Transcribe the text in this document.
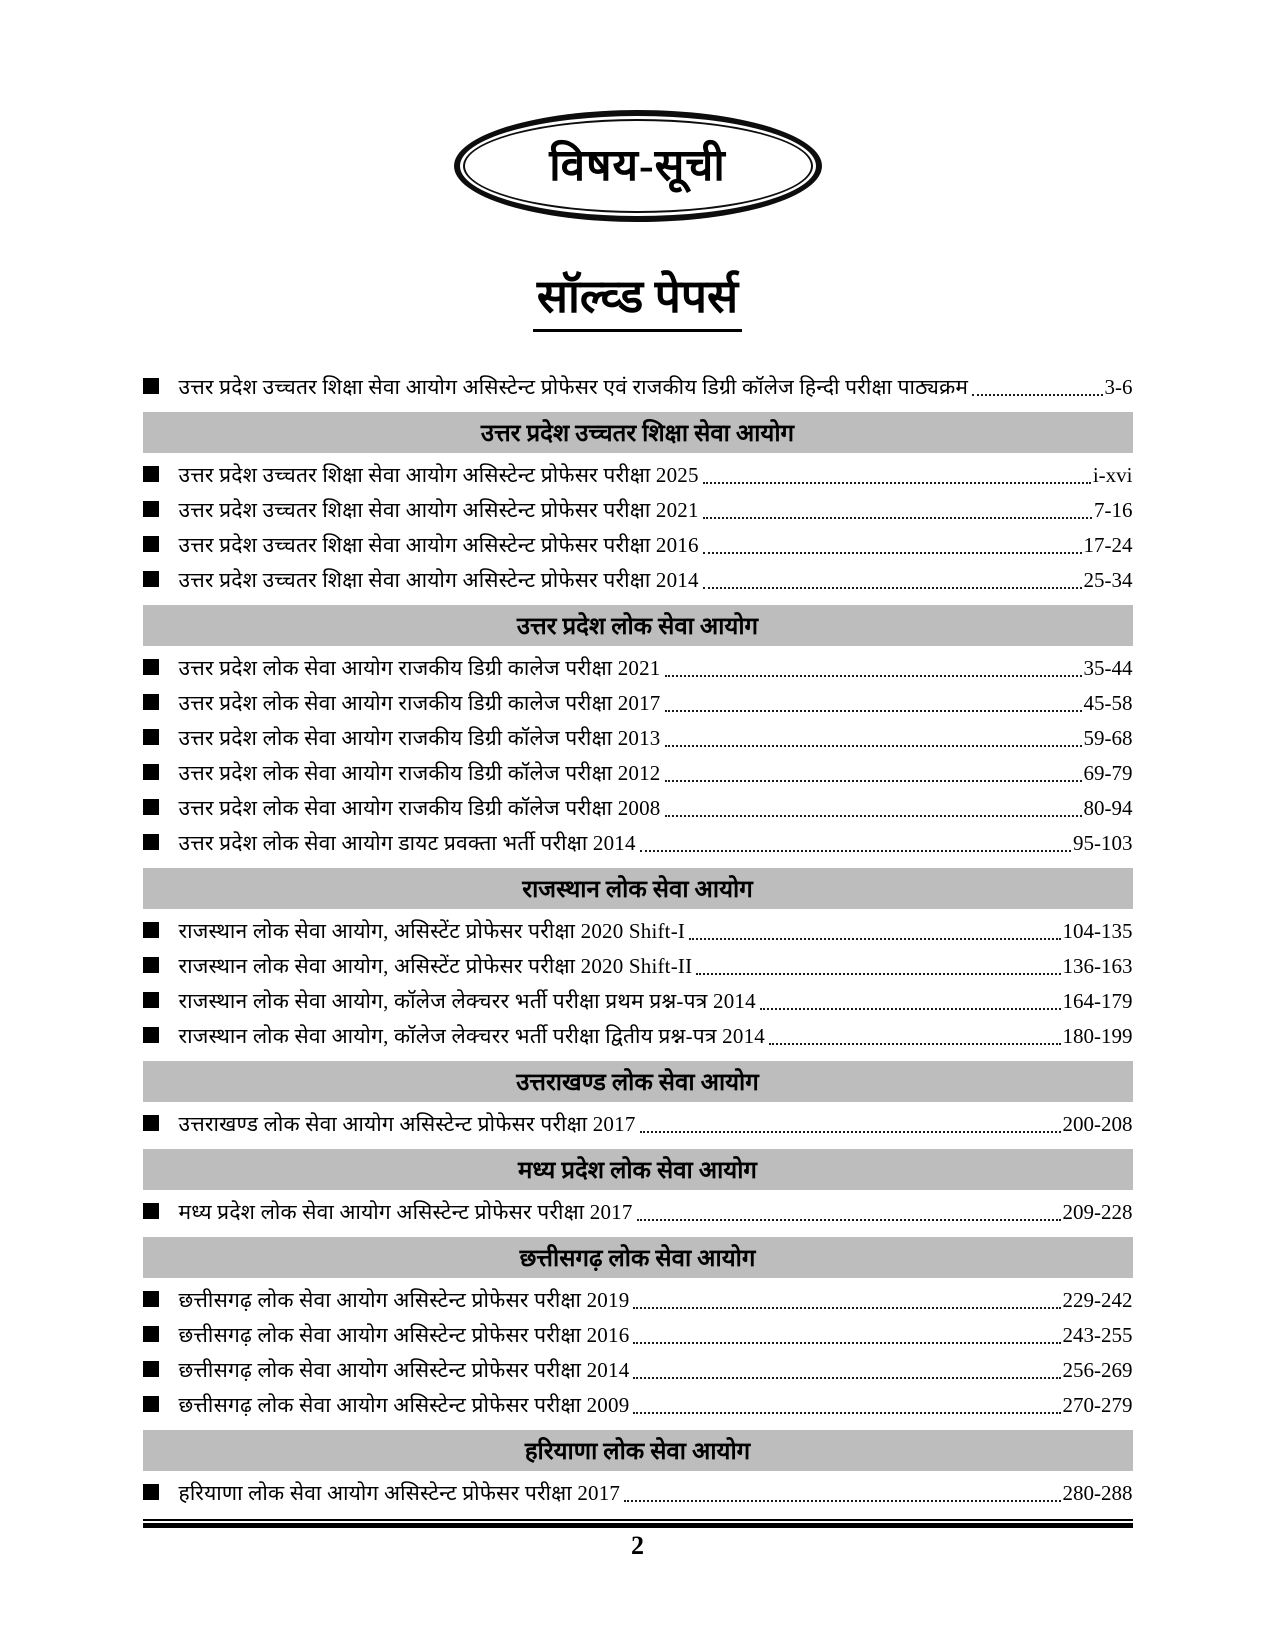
विषय-सूची
सॉल्व्ड पेपर्स
उत्तर प्रदेश उच्चतर शिक्षा सेवा आयोग असिस्टेन्ट प्रोफेसर एवं राजकीय डिग्री कॉलेज हिन्दी परीक्षा पाठ्यक्रम	3-6
उत्तर प्रदेश उच्चतर शिक्षा सेवा आयोग
उत्तर प्रदेश उच्चतर शिक्षा सेवा आयोग असिस्टेन्ट प्रोफेसर परीक्षा 2025	i-xvi
उत्तर प्रदेश उच्चतर शिक्षा सेवा आयोग असिस्टेन्ट प्रोफेसर परीक्षा 2021	7-16
उत्तर प्रदेश उच्चतर शिक्षा सेवा आयोग असिस्टेन्ट प्रोफेसर परीक्षा 2016	17-24
उत्तर प्रदेश उच्चतर शिक्षा सेवा आयोग असिस्टेन्ट प्रोफेसर परीक्षा 2014	25-34
उत्तर प्रदेश लोक सेवा आयोग
उत्तर प्रदेश लोक सेवा आयोग राजकीय डिग्री कालेज परीक्षा 2021	35-44
उत्तर प्रदेश लोक सेवा आयोग राजकीय डिग्री कालेज परीक्षा 2017	45-58
उत्तर प्रदेश लोक सेवा आयोग राजकीय डिग्री कॉलेज परीक्षा 2013	59-68
उत्तर प्रदेश लोक सेवा आयोग राजकीय डिग्री कॉलेज परीक्षा 2012	69-79
उत्तर प्रदेश लोक सेवा आयोग राजकीय डिग्री कॉलेज परीक्षा 2008	80-94
उत्तर प्रदेश लोक सेवा आयोग डायट प्रवक्ता भर्ती परीक्षा 2014	95-103
राजस्थान लोक सेवा आयोग
राजस्थान लोक सेवा आयोग, असिस्टेंट प्रोफेसर परीक्षा 2020 Shift-I	104-135
राजस्थान लोक सेवा आयोग, असिस्टेंट प्रोफेसर परीक्षा 2020 Shift-II	136-163
राजस्थान लोक सेवा आयोग, कॉलेज लेक्चरर भर्ती परीक्षा प्रथम प्रश्न-पत्र 2014	164-179
राजस्थान लोक सेवा आयोग, कॉलेज लेक्चरर भर्ती परीक्षा द्वितीय प्रश्न-पत्र 2014	180-199
उत्तराखण्ड लोक सेवा आयोग
उत्तराखण्ड लोक सेवा आयोग असिस्टेन्ट प्रोफेसर परीक्षा 2017	200-208
मध्य प्रदेश लोक सेवा आयोग
मध्य प्रदेश लोक सेवा आयोग असिस्टेन्ट प्रोफेसर परीक्षा 2017	209-228
छत्तीसगढ़ लोक सेवा आयोग
छत्तीसगढ़ लोक सेवा आयोग असिस्टेन्ट प्रोफेसर परीक्षा 2019	229-242
छत्तीसगढ़ लोक सेवा आयोग असिस्टेन्ट प्रोफेसर परीक्षा 2016	243-255
छत्तीसगढ़ लोक सेवा आयोग असिस्टेन्ट प्रोफेसर परीक्षा 2014	256-269
छत्तीसगढ़ लोक सेवा आयोग असिस्टेन्ट प्रोफेसर परीक्षा 2009	270-279
हरियाणा लोक सेवा आयोग
हरियाणा लोक सेवा आयोग असिस्टेन्ट प्रोफेसर परीक्षा 2017	280-288
2
